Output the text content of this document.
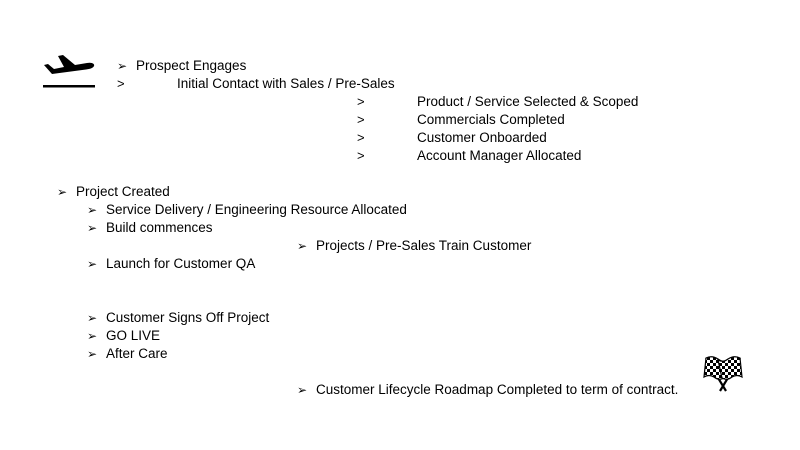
➢ Prospect Engages
>	Initial Contact with Sales / Pre-Sales
>	Product / Service Selected & Scoped
>	Commercials Completed
>	Customer Onboarded
>	Account Manager Allocated
➢ Project Created
➢ Service Delivery / Engineering Resource Allocated
➢ Build commences
➢ Projects / Pre-Sales Train Customer
➢ Launch for Customer QA
➢ Customer Signs Off Project
➢ GO LIVE
➢ After Care
➢ Customer Lifecycle Roadmap Completed to term of contract.
